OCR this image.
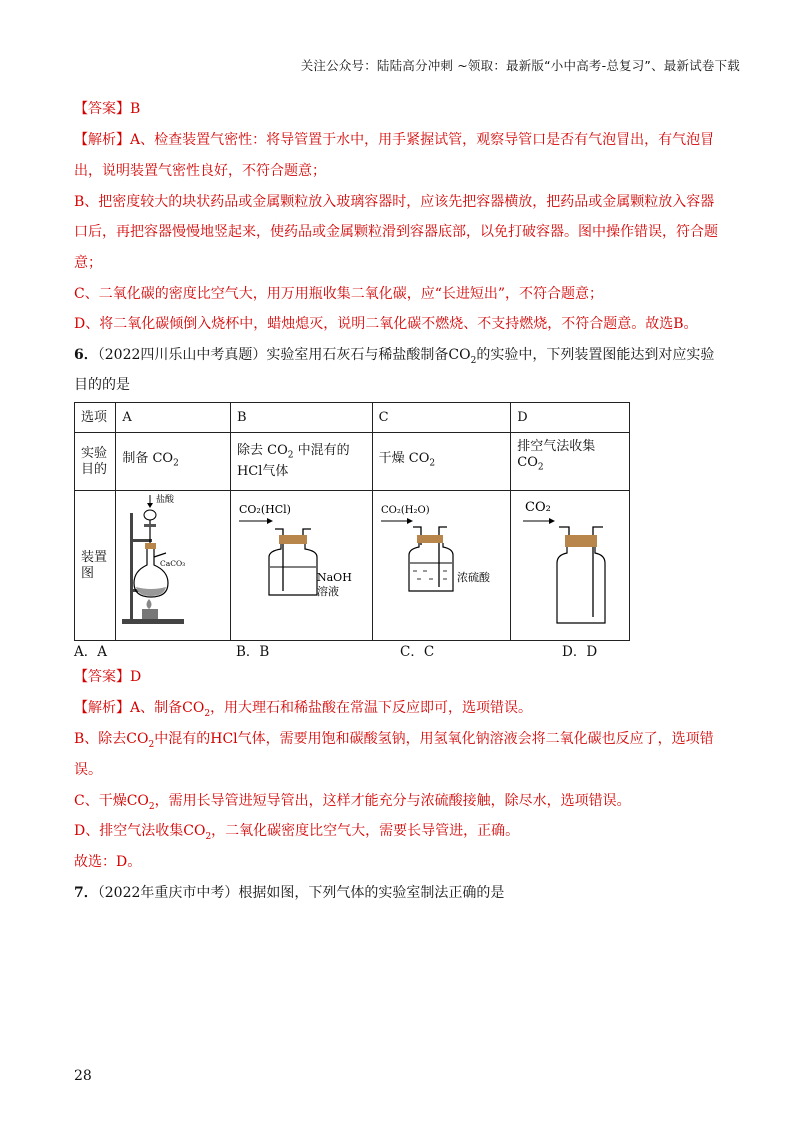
关注公众号：陆陆高分冲刺 ~领取：最新版“小中高考-总复习”、最新试卷下载
【答案】B
【解析】A、检查装置气密性：将导管置于水中，用手紧握试管，观察导管口是否有气泡冒出，有气泡冒
出，说明装置气密性良好，不符合题意；
B、把密度较大的块状药品或金属颗粒放入玻璃容器时，应该先把容器横放，把药品或金属颗粒放入容器
口后，再把容器慢慢地竖起来，使药品或金属颗粒滑到容器底部，以免打破容器。图中操作错误，符合题
意；
C、二氧化碳的密度比空气大，用万用瓶收集二氧化碳，应“长进短出”，不符合题意；
D、将二氧化碳倾倒入烧杯中，蜡烛熄灭，说明二氧化碳不燃烧、不支持燃烧，不符合题意。故选B。
6．（2022四川乐山中考真题）实验室用石灰石与稀盐酸制备$CO_2$的实验中，下列装置图能达到对应实验
目的的是
选项	A	B	C	D
实验目的	制备 $CO_2$	除去 $CO_2$ 中混有的HCl气体	干燥 $CO_2$	排空气法收集
$CO_2$
装置图	盐酸
CaCO₃	CO₂(HCl)
NaOH
溶液	CO₂(H₂O)
浓硫酸	CO₂
A．A	B．B	C．C	D．D
【答案】D
【解析】A、制备$CO_2$，用大理石和稀盐酸在常温下反应即可，选项错误。
B、除去$CO_2$中混有的HCl气体，需要用饱和碳酸氢钠，用氢氧化钠溶液会将二氧化碳也反应了，选项错
误。
C、干燥$CO_2$，需用长导管进短导管出，这样才能充分与浓硫酸接触，除尽水，选项错误。
D、排空气法收集$CO_2$，二氧化碳密度比空气大，需要长导管进，正确。
故选：D。
7．（2022年重庆市中考）根据如图，下列气体的实验室制法正确的是
28
